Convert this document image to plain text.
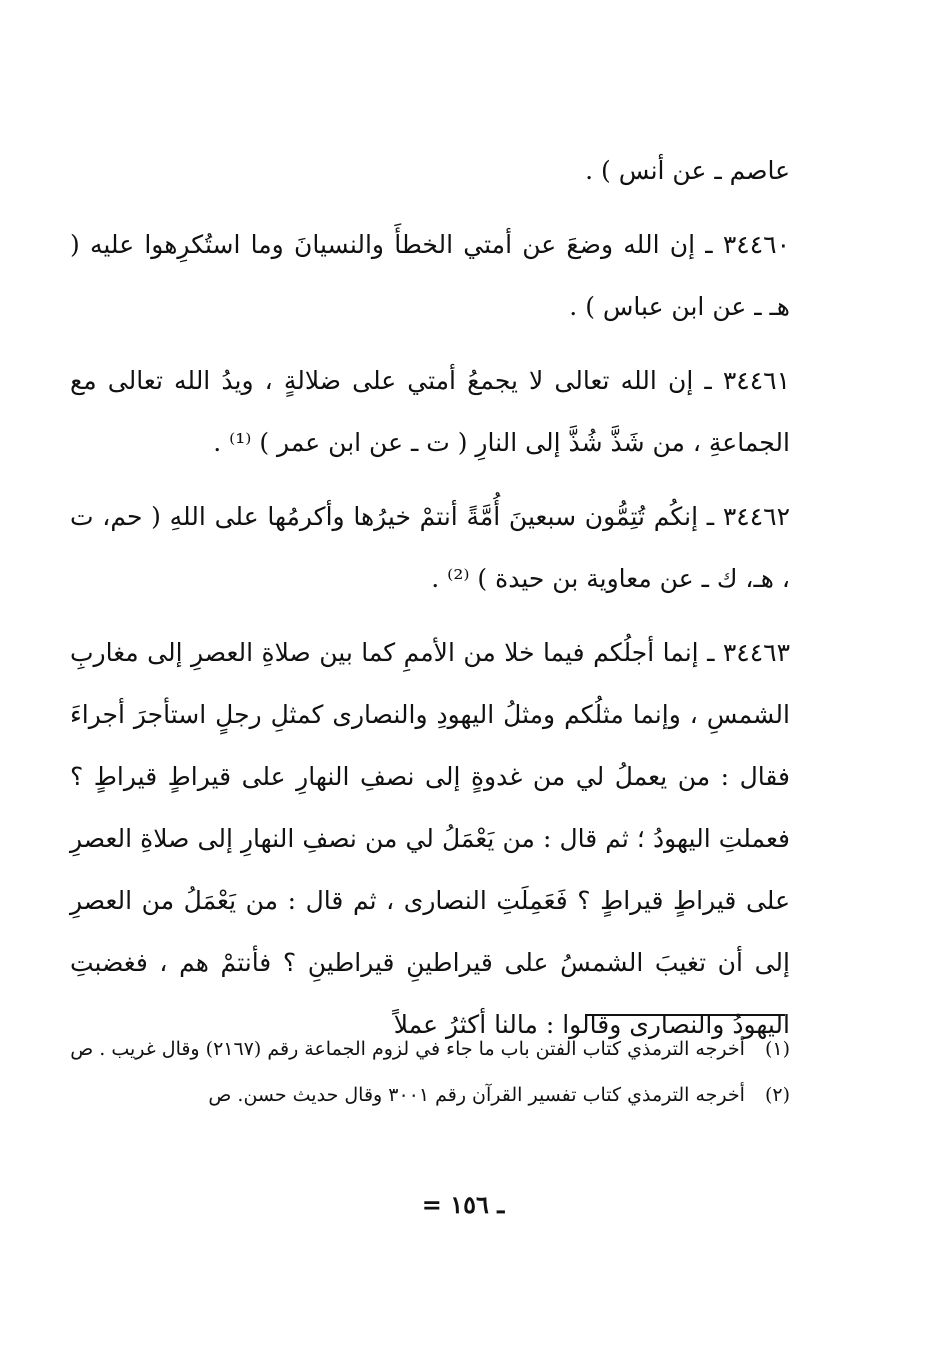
عاصم ـ عن أنس ) .

٣٤٤٦٠ ـ إن الله وضعَ عن أمتي الخطأَ والنسيانَ وما استُكرِهوا عليه ( هـ ـ عن ابن عباس ) .

٣٤٤٦١ ـ إن الله تعالى لا يجمعُ أمتي على ضلالةٍ ، ويدُ الله تعالى مع الجماعةِ ، من شَذَّ شُذَّ إلى النارِ ( ت ـ عن ابن عمر ) ⁽¹⁾ .

٣٤٤٦٢ ـ إنكُم تُتِمُّون سبعينَ أُمَّةً أنتمْ خيرُها وأكرمُها على اللهِ ( حم، ت ، هـ، ك ـ عن معاوية بن حيدة ) ⁽²⁾ .

٣٤٤٦٣ ـ إنما أجلُكم فيما خلا من الأممِ كما بين صلاةِ العصرِ إلى مغاربِ الشمسِ ، وإنما مثلُكم ومثلُ اليهودِ والنصارى كمثلِ رجلٍ استأجرَ أجراءَ فقال : من يعملُ لي من غدوةٍ إلى نصفِ النهارِ على قيراطٍ قيراطٍ ؟ فعملتِ اليهودُ ؛ ثم قال : من يَعْمَلُ لي من نصفِ النهارِ إلى صلاةِ العصرِ على قيراطٍ قيراطٍ ؟ فَعَمِلَتِ النصارى ، ثم قال : من يَعْمَلُ من العصرِ إلى أن تغيبَ الشمسُ على قيراطينِ قيراطينِ ؟ فأنتمْ هم ، فغضبتِ اليهودُ والنصارى وقالوا : مالنا أكثرُ عملاً

(١) أخرجه الترمذي كتاب الفتن باب ما جاء في لزوم الجماعة رقم (٢١٦٧) وقال غريب . ص

(٢) أخرجه الترمذي كتاب تفسير القرآن رقم ٣٠٠١ وقال حديث حسن. ص

ـ ١٥٦ =
